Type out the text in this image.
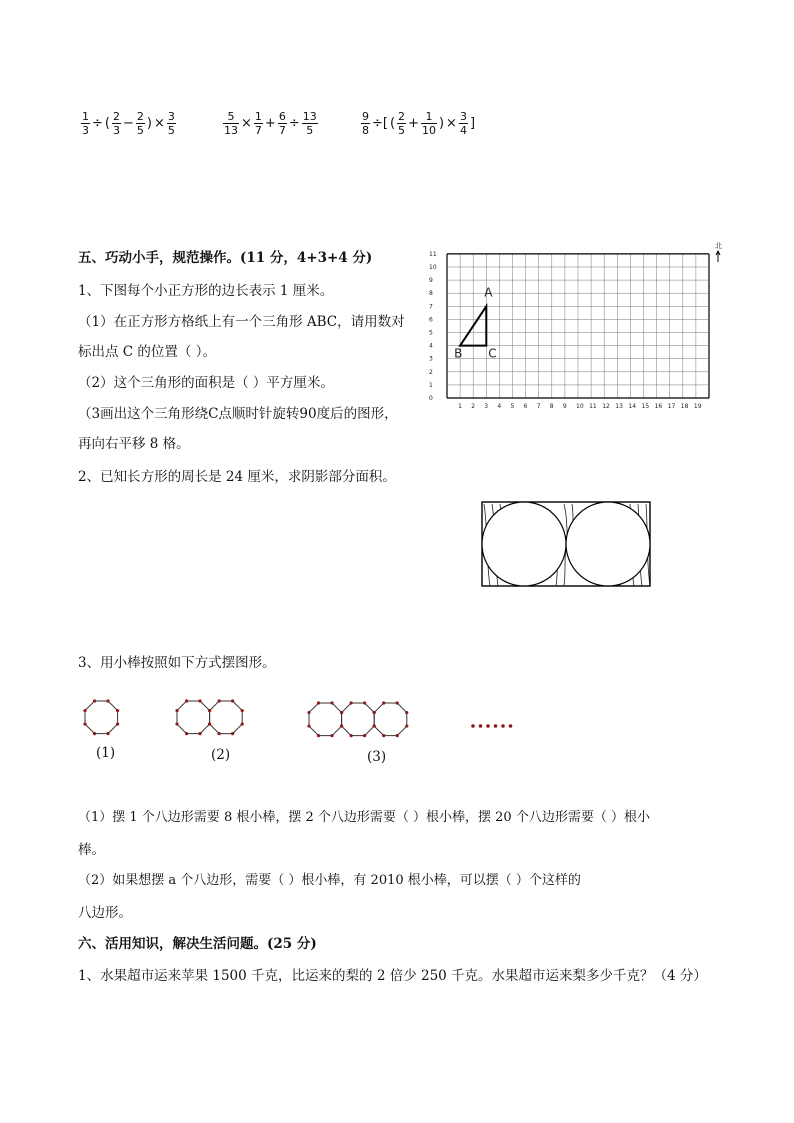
$\frac{1}{3}$ ÷ ( $\frac{2}{3} - \frac{2}{5}$ ) × $\frac{3}{5}$	$\frac{5}{13} \times \frac{1}{7} + \frac{6}{7} \div \frac{13}{5}$	$\frac{9}{8}$ ÷[ ( $\frac{2}{5} + \frac{1}{10}$ ) × $\frac{3}{4}$ ]
五、巧动小手，规范操作。(11 分，4+3+4 分)
1、下图每个小正方形的边长表示 1 厘米。
（1）在正方形方格纸上有一个三角形 ABC，请用数对
标出点 C 的位置（ ）。
（2）这个三角形的面积是（ ）平方厘米。
（3画出这个三角形绕C点顺时针旋转90度后的图形，
再向右平移 8 格。
2、已知长方形的周长是 24 厘米，求阴影部分面积。
3、用小棒按照如下方式摆图形。
1 2 3 4 5 6 7 8 9 10 11 12 13 14 15 16 17 18 19
0
1
2
3
4
5
6
7
8
9
10
11
A
B C
北
(1)	(2)	(3)
（1）摆 1 个八边形需要 8 根小棒，摆 2 个八边形需要（ ）根小棒，摆 20 个八边形需要（ ）根小
棒。
（2）如果想摆 a 个八边形，需要（ ）根小棒，有 2010 根小棒，可以摆（ ）个这样的
八边形。
六、活用知识，解决生活问题。(25 分)
1、水果超市运来苹果 1500 千克，比运来的梨的 2 倍少 250 千克。水果超市运来梨多少千克？（4 分）
